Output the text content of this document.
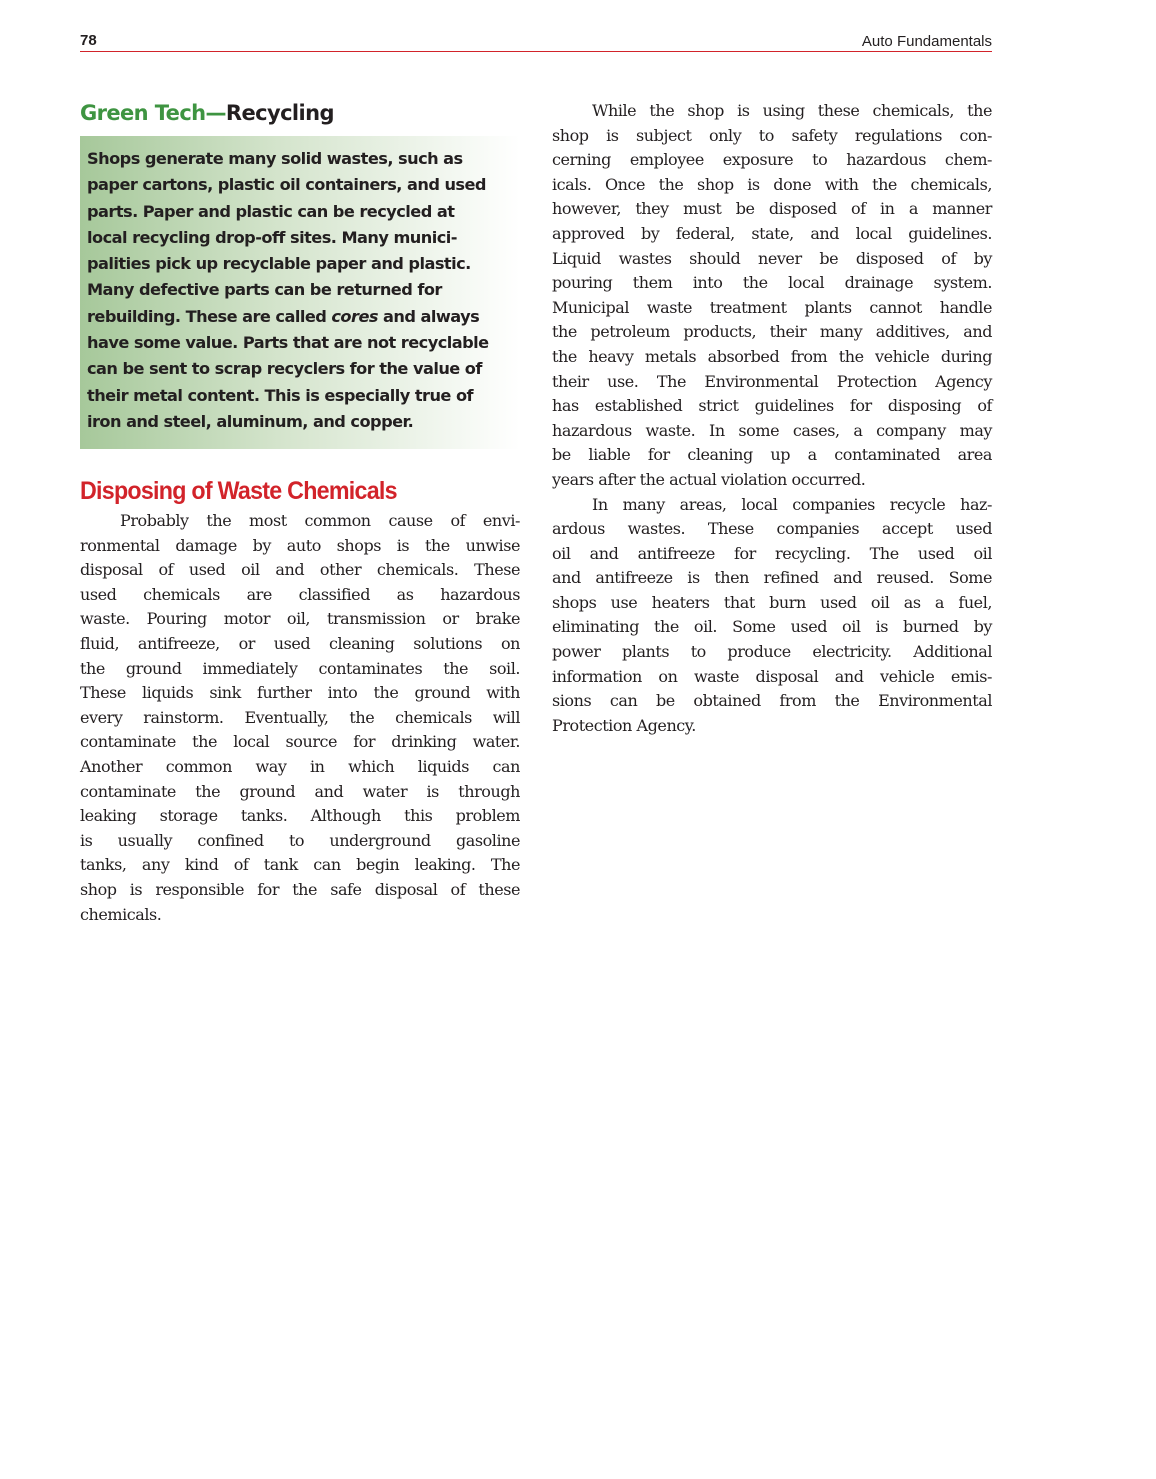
78	Auto Fundamentals
Green Tech—Recycling

Shops generate many solid wastes, such as
paper cartons, plastic oil containers, and used
parts. Paper and plastic can be recycled at
local recycling drop-off sites. Many munici-
palities pick up recyclable paper and plastic.
Many defective parts can be returned for
rebuilding. These are called cores and always
have some value. Parts that are not recyclable
can be sent to scrap recyclers for the value of
their metal content. This is especially true of
iron and steel, aluminum, and copper.

Disposing of Waste Chemicals

Probably the most common cause of envi-
ronmental damage by auto shops is the unwise
disposal of used oil and other chemicals. These
used chemicals are classified as hazardous
waste. Pouring motor oil, transmission or brake
fluid, antifreeze, or used cleaning solutions on
the ground immediately contaminates the soil.
These liquids sink further into the ground with
every rainstorm. Eventually, the chemicals will
contaminate the local source for drinking water.
Another common way in which liquids can
contaminate the ground and water is through
leaking storage tanks. Although this problem
is usually confined to underground gasoline
tanks, any kind of tank can begin leaking. The
shop is responsible for the safe disposal of these
chemicals.

While the shop is using these chemicals, the
shop is subject only to safety regulations con-
cerning employee exposure to hazardous chem-
icals. Once the shop is done with the chemicals,
however, they must be disposed of in a manner
approved by federal, state, and local guidelines.
Liquid wastes should never be disposed of by
pouring them into the local drainage system.
Municipal waste treatment plants cannot handle
the petroleum products, their many additives, and
the heavy metals absorbed from the vehicle during
their use. The Environmental Protection Agency
has established strict guidelines for disposing of
hazardous waste. In some cases, a company may
be liable for cleaning up a contaminated area
years after the actual violation occurred.

In many areas, local companies recycle haz-
ardous wastes. These companies accept used
oil and antifreeze for recycling. The used oil
and antifreeze is then refined and reused. Some
shops use heaters that burn used oil as a fuel,
eliminating the oil. Some used oil is burned by
power plants to produce electricity. Additional
information on waste disposal and vehicle emis-
sions can be obtained from the Environmental
Protection Agency.
